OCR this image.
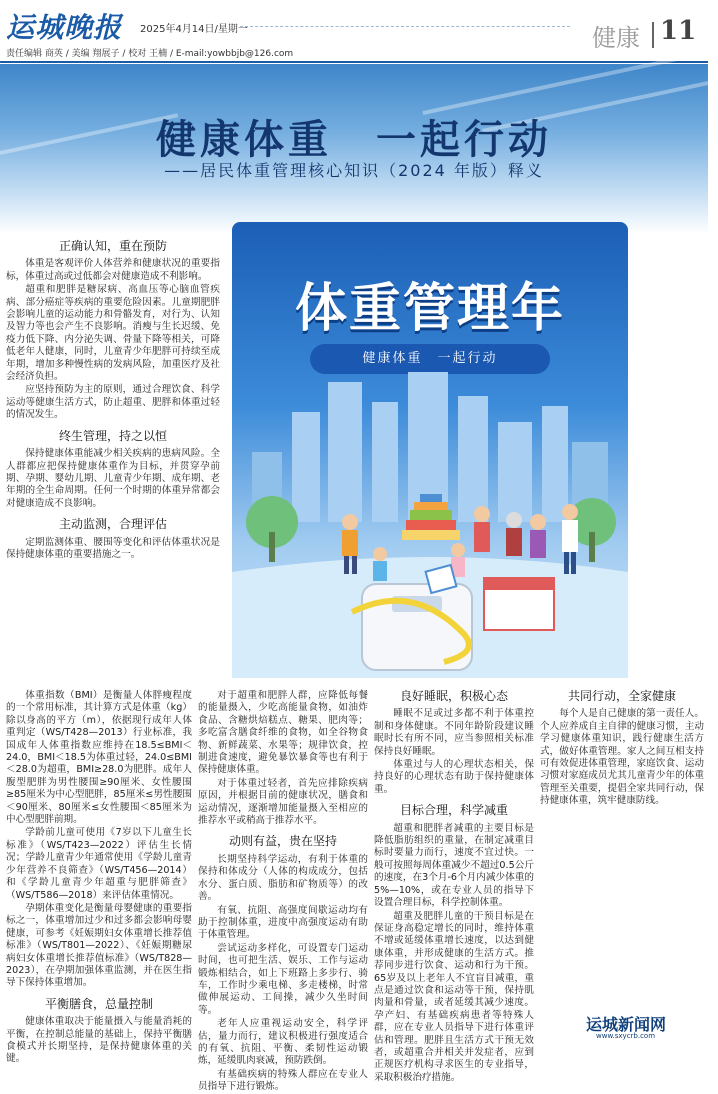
运城晚报 2025年4月14日/星期一
责任编辑 商英 / 美编 翔展子 / 校对 王楠 / E-mail:yowbbjb@126.com
健康 11
健康体重　一起行动
——居民体重管理核心知识（2024 年版）释义
体重管理年
健康体重　一起行动
正确认知，重在预防

体重是客观评价人体营养和健康状况的重要指标，体重过高或过低都会对健康造成不利影响。

超重和肥胖是糖尿病、高血压等心脑血管疾病、部分癌症等疾病的重要危险因素。儿童期肥胖会影响儿童的运动能力和骨骼发育，对行为、认知及智力等也会产生不良影响。消瘦与生长迟缓、免疫力低下降、内分泌失调、骨量下降等相关，可降低老年人健康，同时，儿童青少年肥胖可持续至成年期，增加多种慢性病的发病风险，加重医疗及社会经济负担。

应坚持预防为主的原则，通过合理饮食、科学运动等健康生活方式，防止超重、肥胖和体重过轻的情况发生。

终生管理，持之以恒

保持健康体重能减少相关疾病的患病风险。全人群都应把保持健康体重作为目标，并贯穿孕前期、孕期、婴幼儿期、儿童青少年期、成年期、老年期的全生命周期。任何一个时期的体重异常都会对健康造成不良影响。

主动监测，合理评估

定期监测体重、腰围等变化和评估体重状况是保持健康体重的重要措施之一。

体重指数（BMI）是衡量人体胖瘦程度的一个常用标准，其计算方式是体重（kg）除以身高的平方（m），依据现行成年人体重判定（WS/T428—2013）行业标准，我国成年人体重指数应维持在18.5≤BMI＜24.0，BMI＜18.5为体重过轻，24.0≤BMI＜28.0为超重，BMI≥28.0为肥胖。成年人腹型肥胖为男性腰围≥90厘米、女性腰围≥85厘米为中心型肥胖，85厘米≤男性腰围＜90厘米、80厘米≤女性腰围＜85厘米为中心型肥胖前期。

学龄前儿童可使用《7岁以下儿童生长标准》（WS/T423—2022）评估生长情况；学龄儿童青少年通常使用《学龄儿童青少年营养不良筛查》（WS/T456—2014）和《学龄儿童青少年超重与肥胖筛查》（WS/T586—2018）来评估体重情况。

孕期体重变化是衡量母婴健康的重要指标之一，体重增加过少和过多都会影响母婴健康，可参考《妊娠期妇女体重增长推荐值标准》（WS/T801—2022）、《妊娠期糖尿病妇女体重增长推荐值标准》（WS/T828—2023），在孕期加强体重监测，并在医生指导下保持体重增加。

平衡膳食，总量控制

健康体重取决于能量摄入与能量消耗的平衡，在控制总能量的基础上，保持平衡膳食模式并长期坚持，是保持健康体重的关键。

对于超重和肥胖人群，应降低每餐的能量摄入，少吃高能量食物，如油炸食品、含糖烘焙糕点、糖果、肥肉等；多吃富含膳食纤维的食物，如全谷物食物、新鲜蔬菜、水果等；规律饮食，控制进食速度，避免暴饮暴食等也有利于保持健康体重。

对于体重过轻者，首先应排除疾病原因，并根据目前的健康状况，膳食和运动情况，逐渐增加能量摄入至相应的推荐水平或稍高于推荐水平。

动则有益，贵在坚持

长期坚持科学运动，有利于体重的保持和体成分（人体的构成成分，包括水分、蛋白质、脂肪和矿物质等）的改善。

有氧、抗阻、高强度间歇运动均有助于控制体重，进度中高强度运动有助于体重管理。

尝试运动多样化，可设置专门运动时间，也可把生活、娱乐、工作与运动锻炼相结合，如上下班路上多步行、骑车，工作时少乘电梯、多走楼梯，时常做伸展运动、工间操，减少久坐时间等。

老年人应重视运动安全，科学评估，量力而行，建议积极进行强度适合的有氧、抗阻、平衡、柔韧性运动锻炼，延缓肌肉衰减，预防跌倒。

有基础疾病的特殊人群应在专业人员指导下进行锻炼。

良好睡眠，积极心态

睡眠不足或过多都不利于体重控制和身体健康。不同年龄阶段建议睡眠时长有所不同，应当参照相关标准保持良好睡眠。

体重过与人的心理状态相关，保持良好的心理状态有助于保持健康体重。

目标合理，科学减重

超重和肥胖者减重的主要目标是降低脂肪组织的重量，在制定减重目标时要量力而行，速度不宜过快。一般可按照每周体重减少不超过0.5公斤的速度，在3个月-6个月内减少体重的5%—10%，或在专业人员的指导下设置合理目标，科学控制体重。

超重及肥胖儿童的干预目标是在保证身高稳定增长的同时，维持体重不增或延缓体重增长速度，以达到健康体重，并形成健康的生活方式。推荐同步进行饮食、运动和行为干预。65岁及以上老年人不宜盲目减重，重点是通过饮食和运动等干预，保持肌肉量和骨量，或者延缓其减少速度。孕产妇、有基础疾病患者等特殊人群，应在专业人员指导下进行体重评估和管理。肥胖且生活方式干预无效者，或超重合并相关并发症者，应到正规医疗机构寻求医生的专业指导，采取积极治疗措施。

共同行动，全家健康

每个人是自己健康的第一责任人。个人应养成自主自律的健康习惯，主动学习健康体重知识，践行健康生活方式，做好体重管理。家人之间互相支持可有效促进体重管理，家庭饮食、运动习惯对家庭成员尤其儿童青少年的体重管理至关重要，提倡全家共同行动，保持健康体重，筑牢健康防线。

运城新闻网
www.sxycrb.com
